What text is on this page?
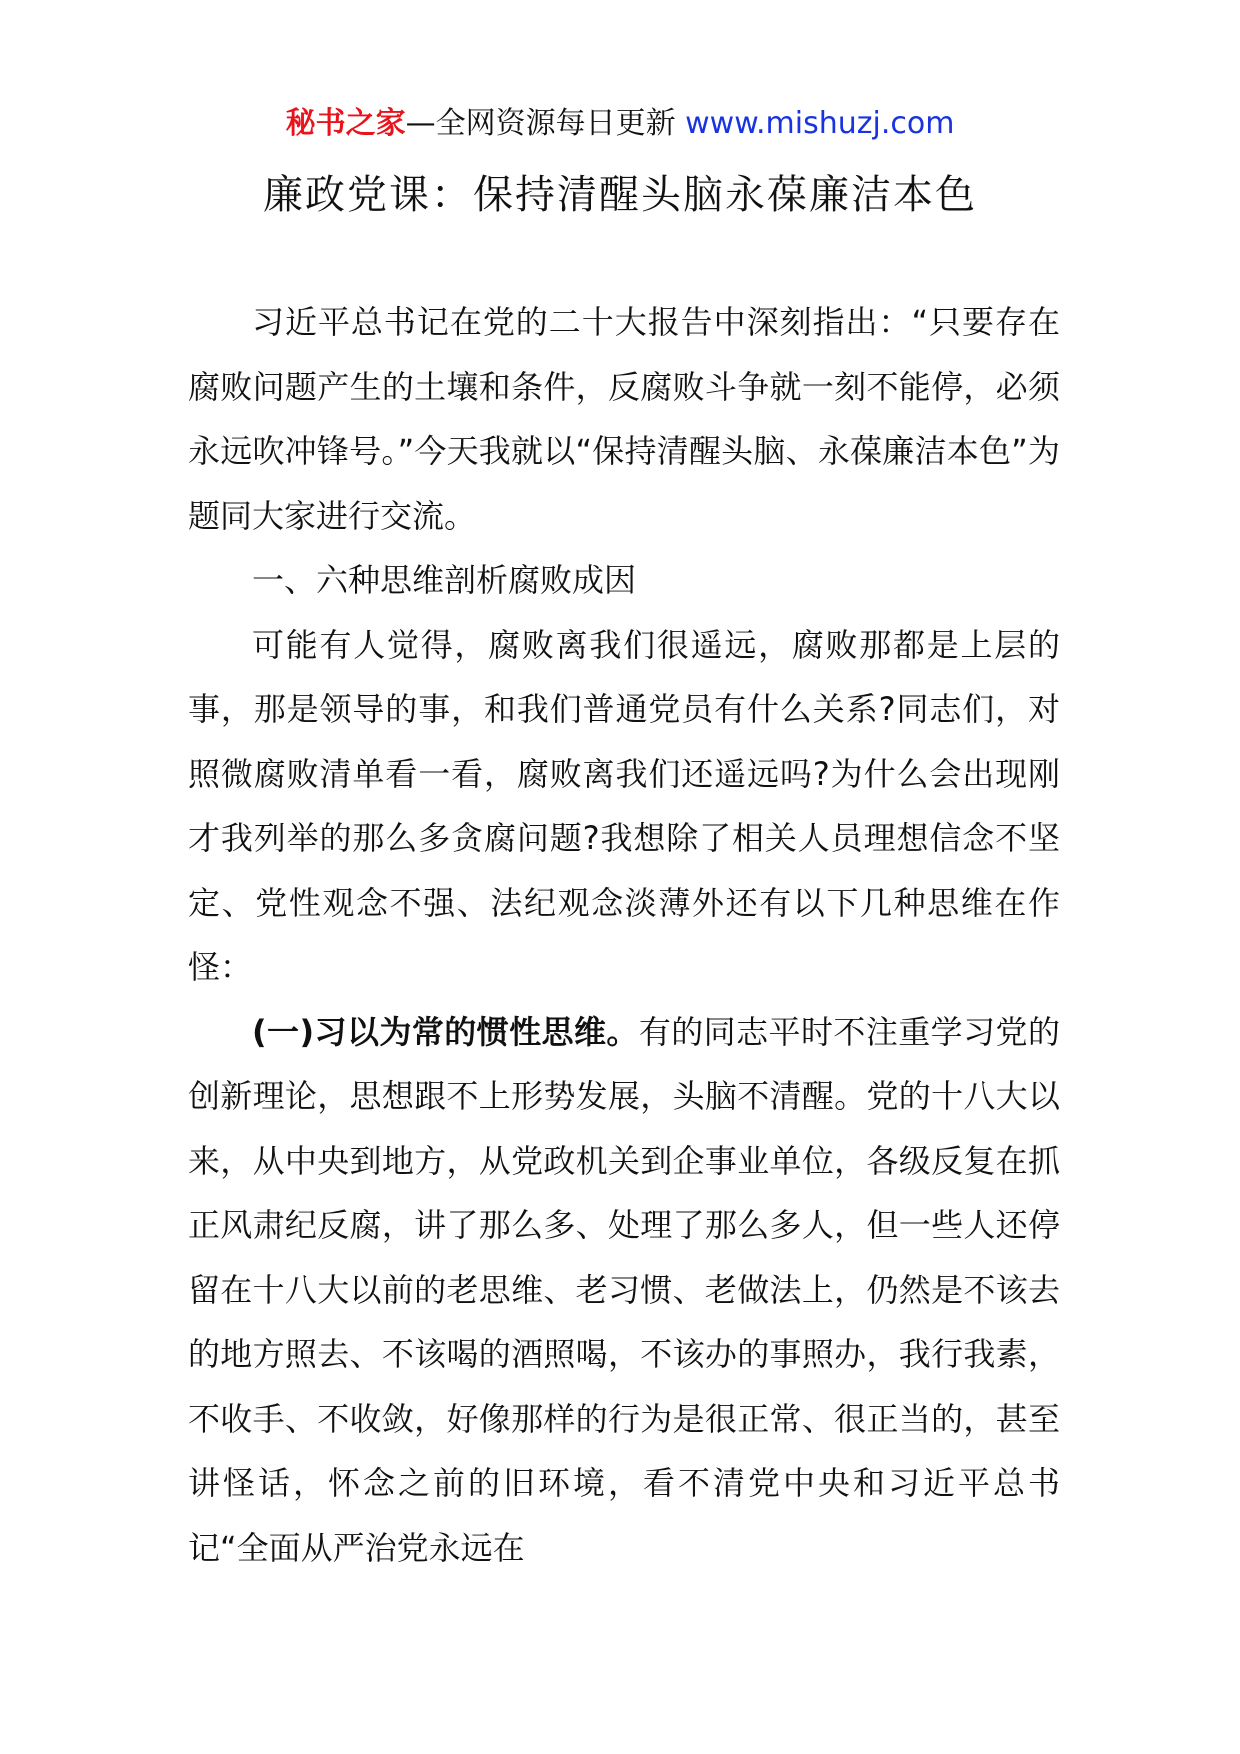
秘书之家—全网资源每日更新 www.mishuzj.com
廉政党课：保持清醒头脑永葆廉洁本色

习近平总书记在党的二十大报告中深刻指出：“只要存在腐败问题产生的土壤和条件，反腐败斗争就一刻不能停，必须永远吹冲锋号。”今天我就以“保持清醒头脑、永葆廉洁本色”为题同大家进行交流。

一、六种思维剖析腐败成因

可能有人觉得，腐败离我们很遥远，腐败那都是上层的事，那是领导的事，和我们普通党员有什么关系?同志们，对照微腐败清单看一看，腐败离我们还遥远吗?为什么会出现刚才我列举的那么多贪腐问题?我想除了相关人员理想信念不坚定、党性观念不强、法纪观念淡薄外还有以下几种思维在作怪：

(一)习以为常的惯性思维。有的同志平时不注重学习党的创新理论，思想跟不上形势发展，头脑不清醒。党的十八大以来，从中央到地方，从党政机关到企事业单位，各级反复在抓正风肃纪反腐，讲了那么多、处理了那么多人，但一些人还停留在十八大以前的老思维、老习惯、老做法上，仍然是不该去的地方照去、不该喝的酒照喝，不该办的事照办，我行我素，不收手、不收敛，好像那样的行为是很正常、很正当的，甚至讲怪话，怀念之前的旧环境，看不清党中央和习近平总书记“全面从严治党永远在
